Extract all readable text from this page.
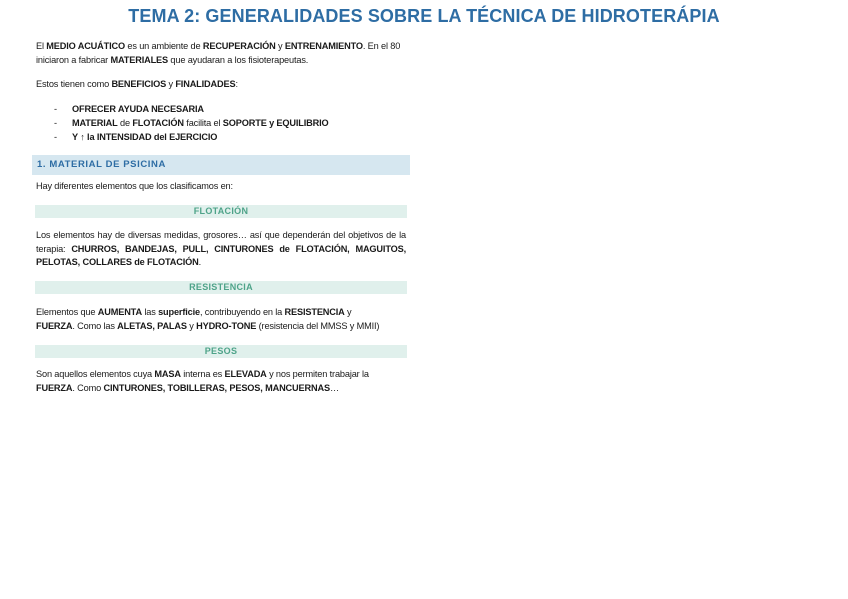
TEMA 2: GENERALIDADES SOBRE LA TÉCNICA DE HIDROTERÁPIA

El MEDIO ACUÁTICO es un ambiente de RECUPERACIÓN y ENTRENAMIENTO. En el 80 iniciaron a fabricar MATERIALES que ayudaran a los fisioterapeutas.

Estos tienen como BENEFICIOS y FINALIDADES:

- OFRECER AYUDA NECESARIA
- MATERIAL de FLOTACIÓN facilita el SOPORTE y EQUILIBRIO
- Y ↑ la INTENSIDAD del EJERCICIO
1. MATERIAL DE PSICINA

Hay diferentes elementos que los clasificamos en:

FLOTACIÓN

Los elementos hay de diversas medidas, grosores… así que dependerán del objetivos de la terapia: CHURROS, BANDEJAS, PULL, CINTURONES de FLOTACIÓN, MAGUITOS, PELOTAS, COLLARES de FLOTACIÓN.

RESISTENCIA

Elementos que AUMENTA las superficie, contribuyendo en la RESISTENCIA y
FUERZA. Como las ALETAS, PALAS y HYDRO-TONE (resistencia del MMSS y MMII)

PESOS

Son aquellos elementos cuya MASA interna es ELEVADA y nos permiten trabajar la
FUERZA. Como CINTURONES, TOBILLERAS, PESOS, MANCUERNAS…
